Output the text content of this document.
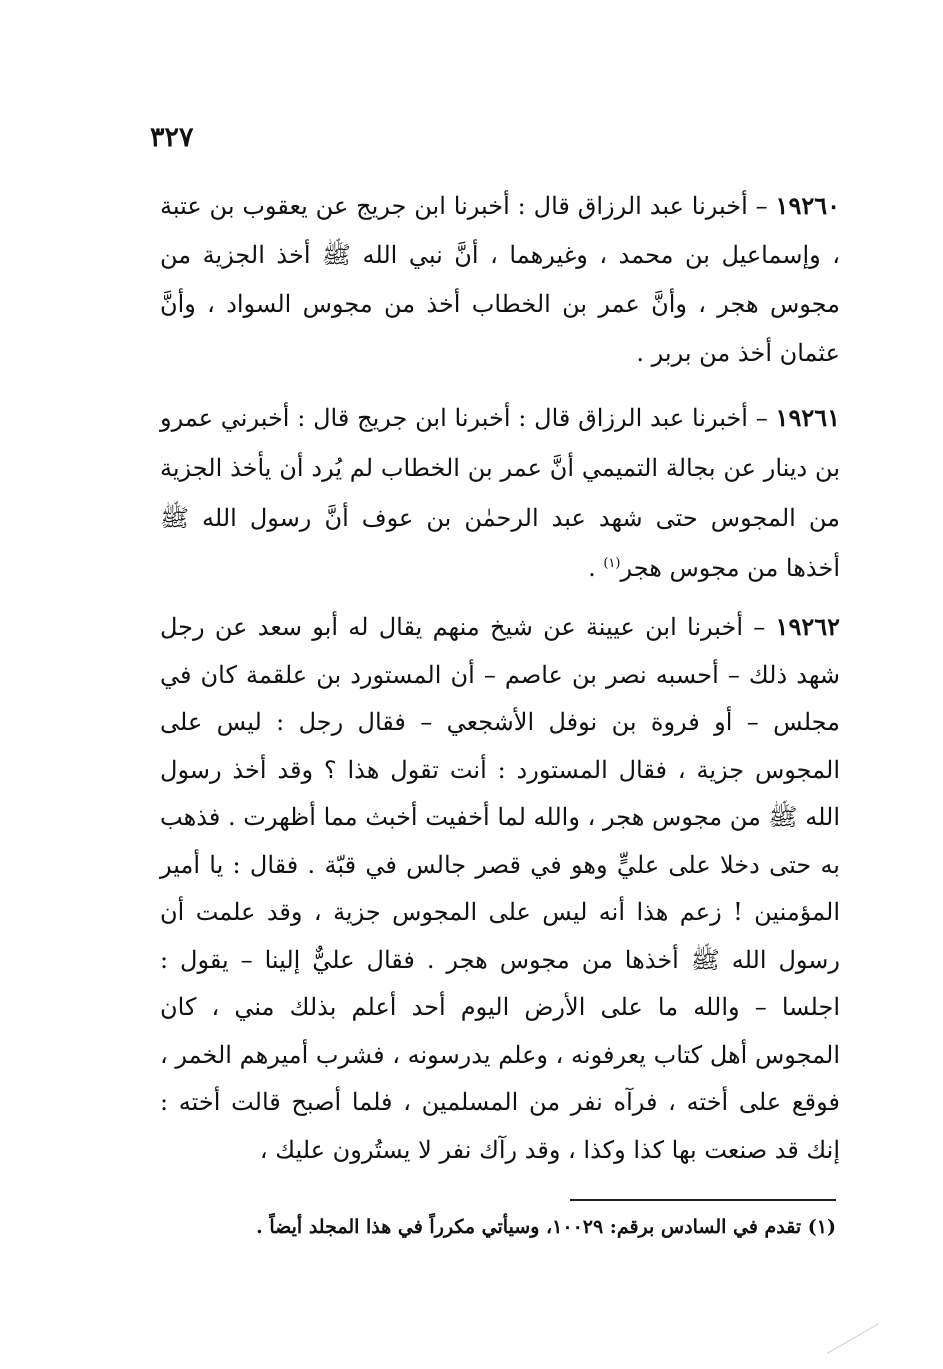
٣٢٧

١٩٢٦٠ – أخبرنا عبد الرزاق قال : أخبرنا ابن جريج عن يعقوب بن عتبة ، وإسماعيل بن محمد ، وغيرهما ، أنَّ نبي الله ﷺ أخذ الجزية من مجوس هجر ، وأنَّ عمر بن الخطاب أخذ من مجوس السواد ، وأنَّ عثمان أخذ من بربر .

١٩٢٦١ – أخبرنا عبد الرزاق قال : أخبرنا ابن جريج قال : أخبرني عمرو بن دينار عن بجالة التميمي أنَّ عمر بن الخطاب لم يُرد أن يأخذ الجزية من المجوس حتى شهد عبد الرحمٰن بن عوف أنَّ رسول الله ﷺ أخذها من مجوس هجر$^{(١)}$ .

١٩٢٦٢ – أخبرنا ابن عيينة عن شيخ منهم يقال له أبو سعد عن رجل شهد ذلك – أحسبه نصر بن عاصم – أن المستورد بن علقمة كان في مجلس – أو فروة بن نوفل الأشجعي – فقال رجل : ليس على المجوس جزية ، فقال المستورد : أنت تقول هذا ؟ وقد أخذ رسول الله ﷺ من مجوس هجر ، والله لما أخفيت أخبث مما أظهرت . فذهب به حتى دخلا على عليٍّ وهو في قصر جالس في قبّة . فقال : يا أمير المؤمنين ! زعم هذا أنه ليس على المجوس جزية ، وقد علمت أن رسول الله ﷺ أخذها من مجوس هجر . فقال عليٌّ إلينا – يقول : اجلسا – والله ما على الأرض اليوم أحد أعلم بذلك مني ، كان المجوس أهل كتاب يعرفونه ، وعلم يدرسونه ، فشرب أميرهم الخمر ، فوقع على أخته ، فرآه نفر من المسلمين ، فلما أصبح قالت أخته : إنك قد صنعت بها كذا وكذا ، وقد رآك نفر لا يستُرون عليك ،

(١) تقدم في السادس برقم: ١٠٠٢٩، وسيأتي مكرراً في هذا المجلد أيضاً .
